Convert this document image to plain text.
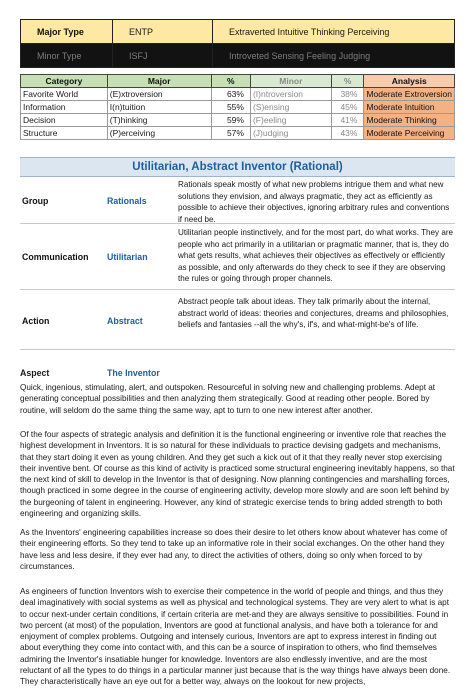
Major Type	ENTP	Extraverted Intuitive Thinking Perceiving
Minor Type	ISFJ	Introveted Sensing Feeling Judging
Category	Major	%	Minor	%	Analysis
Favorite World	(E)xtroversion	63%	(I)ntroversion	38%	Moderate Extroversion
Information	I(n)tuition	55%	(S)ensing	45%	Moderate Intuition
Decision	(T)hinking	59%	(F)eeling	41%	Moderate Thinking
Structure	(P)erceiving	57%	(J)udging	43%	Moderate Perceiving
Utilitarian, Abstract Inventor (Rational)
Group	Rationals
Rationals speak mostly of what new problems intrigue them and what new solutions they envision, and always pragmatic, they act as efficiently as possible to achieve their objectives, ignoring arbitrary rules and conventions if need be.
Communication Utilitarian
Utilitarian people instinctively, and for the most part, do what works. They are people who act primarily in a utilitarian or pragmatic manner, that is, they do what gets results, what achieves their objectives as effectively or efficiently as possible, and only afterwards do they check to see if they are observing the rules or going through proper channels.
Action	Abstract
Abstract people talk about ideas. They talk primarily about the internal, abstract world of ideas: theories and conjectures, dreams and philosophies, beliefs and fantasies --all the why's, if's, and what-might-be's of life.
Aspect	The Inventor
Quick, ingenious, stimulating, alert, and outspoken. Resourceful in solving new and challenging problems. Adept at generating conceptual possibilities and then analyzing them strategically. Good at reading other people. Bored by routine, will seldom do the same thing the same way, apt to turn to one new interest after another.
Of the four aspects of strategic analysis and definition it is the functional engineering or inventive role that reaches the highest development in Inventors. It is so natural for these individuals to practice devising gadgets and mechanisms, that they start doing it even as young children. And they get such a kick out of it that they really never stop exercising their inventive bent. Of course as this kind of activity is practiced some structural engineering inevitably happens, so that the next kind of skill to develop in the Inventor is that of designing. Now planning contingencies and marshalling forces, though practiced in some degree in the course of engineering activity, develop more slowly and are soon left behind by the burgeoning of talent in engineering. However, any kind of strategic exercise tends to bring added strength to both engineering and organizing skills.
As the Inventors' engineering capabilities increase so does their desire to let others know about whatever has come of their engineering efforts. So they tend to take up an informative role in their social exchanges. On the other hand they have less and less desire, if they ever had any, to direct the activities of others, doing so only when forced to by circumstances.
As engineers of function Inventors wish to exercise their competence in the world of people and things, and thus they deal imaginatively with social systems as well as physical and technological systems. They are very alert to what is apt to occur next-under certain conditions, if certain criteria are met-and they are always sensitive to possibilities. Found in two percent (at most) of the population, Inventors are good at functional analysis, and have both a tolerance for and enjoyment of complex problems. Outgoing and intensely curious, Inventors are apt to express interest in finding out about everything they come into contact with, and this can be a source of inspiration to others, who find themselves admiring the Inventor's insatiable hunger for knowledge. Inventors are also endlessly inventive, and are the most reluctant of all the types to do things in a particular manner just because that is the way things have always been done. They characteristically have an eye out for a better way, always on the lookout for new projects,
